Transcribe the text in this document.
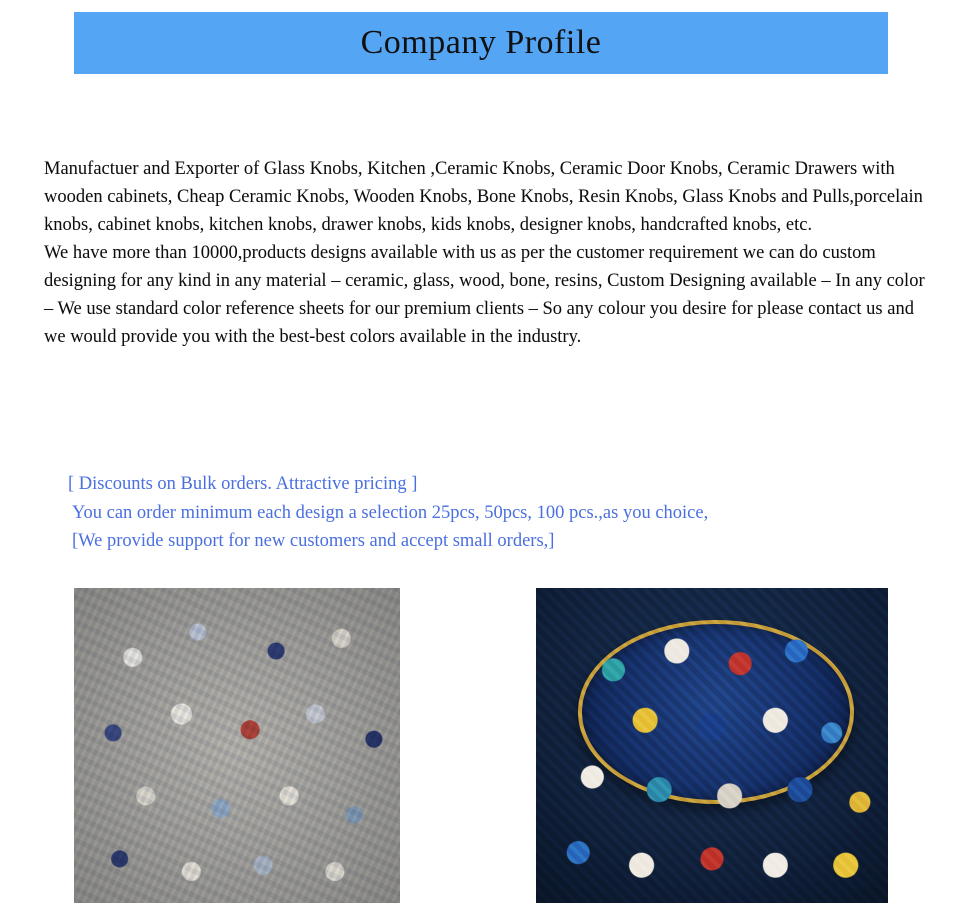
Company Profile

Manufactuer and Exporter of Glass Knobs, Kitchen ,Ceramic Knobs, Ceramic Door Knobs, Ceramic Drawers with wooden cabinets, Cheap Ceramic Knobs, Wooden Knobs, Bone Knobs, Resin Knobs, Glass Knobs and Pulls,porcelain knobs, cabinet knobs, kitchen knobs, drawer knobs, kids knobs, designer knobs, handcrafted knobs, etc.

We have more than 10000,products designs available with us as per the customer requirement we can do custom designing for any kind in any material – ceramic, glass, wood, bone, resins, Custom Designing available – In any color – We use standard color reference sheets for our premium clients – So any colour you desire for please contact us and we would provide you with the best-best colors available in the industry.

[ Discounts on Bulk orders. Attractive pricing ]
You can order minimum each design a selection 25pcs, 50pcs, 100 pcs.,as you choice,
[We provide support for new customers and accept small orders,]
